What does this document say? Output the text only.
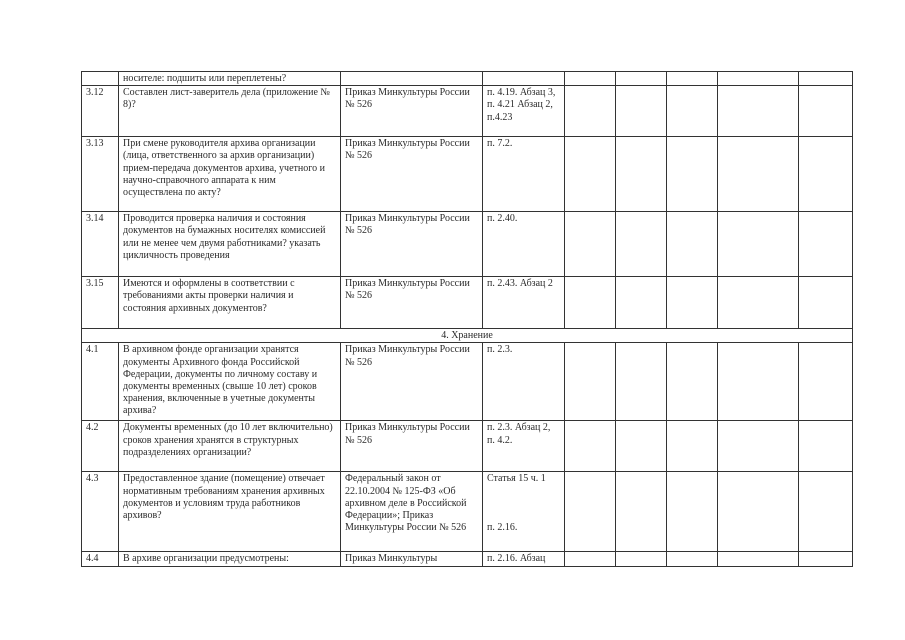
	носителе: подшиты или переплетены?							
3.12	Составлен лист-заверитель дела (приложение № 8)?	Приказ Минкультуры России № 526	п. 4.19. Абзац 3, п. 4.21 Абзац 2, п.4.23					
3.13	При смене руководителя архива организации (лица, ответственного за архив организации) прием-передача документов архива, учетного и научно-справочного аппарата к ним осуществлена по акту?	Приказ Минкультуры России № 526	п. 7.2.					
3.14	Проводится проверка наличия и состояния документов на бумажных носителях комиссией или не менее чем двумя работниками? указать цикличность проведения	Приказ Минкультуры России № 526	п. 2.40.					
3.15	Имеются и оформлены в соответствии с требованиями акты проверки наличия и состояния архивных документов?	Приказ Минкультуры России № 526	п. 2.43. Абзац 2					
4. Хранение								
4.1	В архивном фонде организации хранятся документы Архивного фонда Российской Федерации, документы по личному составу и документы временных (свыше 10 лет) сроков хранения, включенные в учетные документы архива?	Приказ Минкультуры России № 526	п. 2.3.					
4.2	Документы временных (до 10 лет включительно) сроков хранения хранятся в структурных подразделениях организации?	Приказ Минкультуры России № 526	п. 2.3. Абзац 2, п. 4.2.					
4.3	Предоставленное здание (помещение) отвечает нормативным требованиям хранения архивных документов и условиям труда работников архивов?	Федеральный закон от 22.10.2004 № 125-ФЗ «Об архивном деле в Российской Федерации»; Приказ Минкультуры России № 526	Статья 15 ч. 1

п. 2.16.					
4.4	В архиве организации предусмотрены:	Приказ Минкультуры	п. 2.16. Абзац					
